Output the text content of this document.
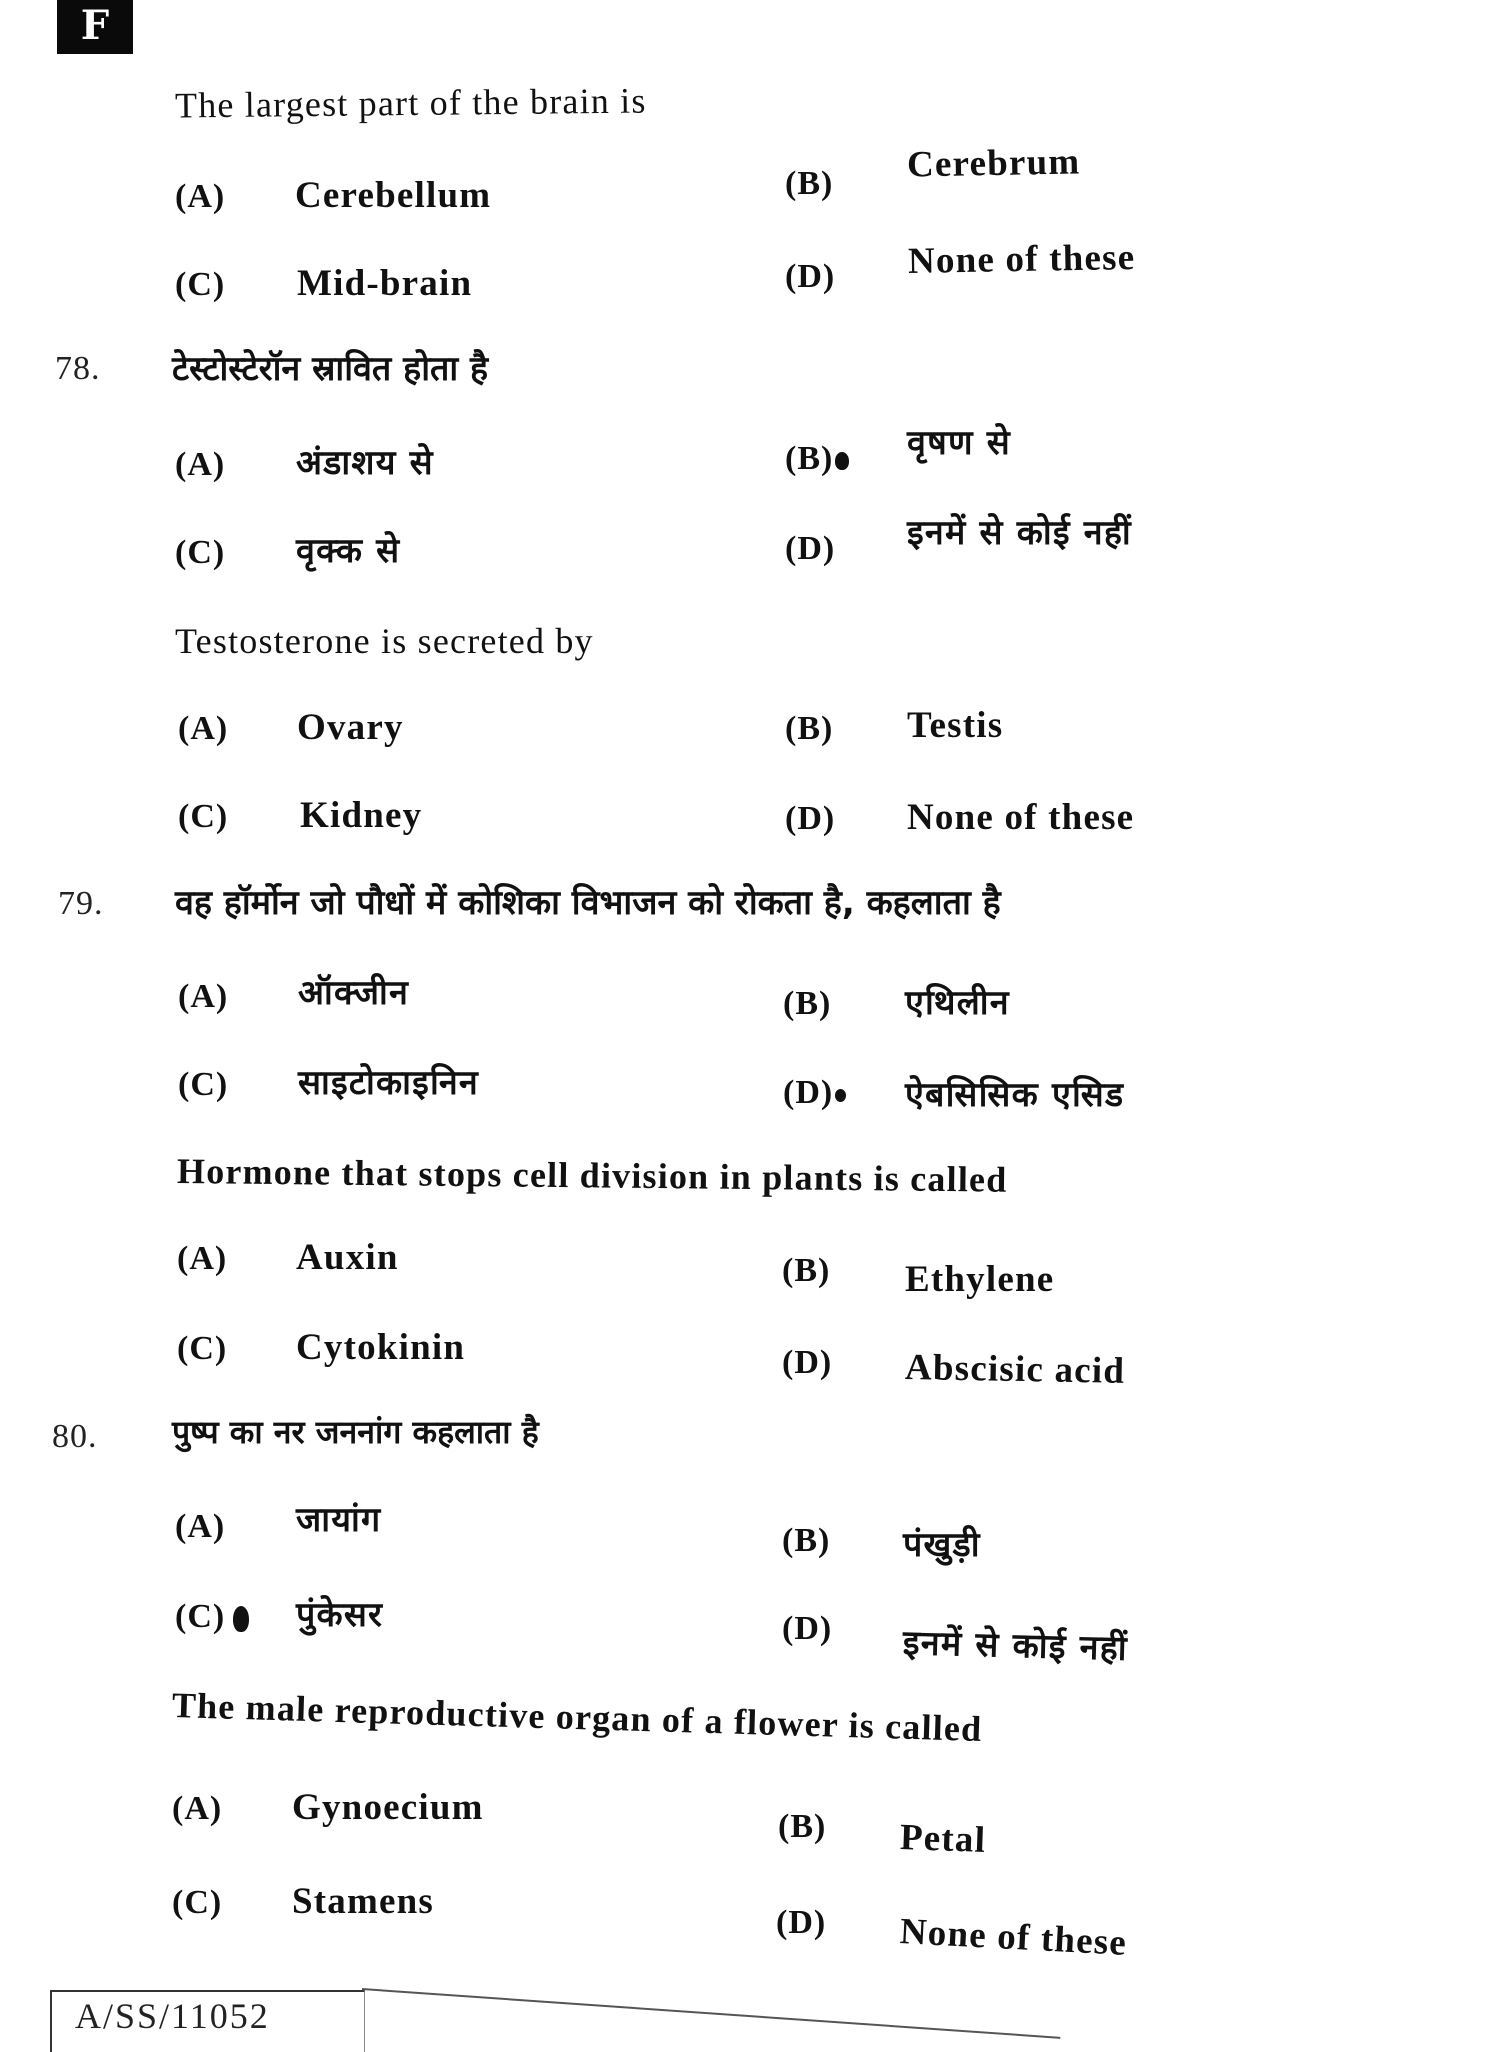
F
The largest part of the brain is
(A) Cerebellum	(B) Cerebrum
(C) Mid-brain	(D) None of these
78. टेस्टोस्टेरॉन स्रावित होता है
(A) अंडाशय से	(B)	वृषण से
(C) वृक्क से	(D) इनमें से कोई नहीं
Testosterone is secreted by
(A) Ovary	(B) Testis
(C) Kidney	(D) None of these
79. वह हॉर्मोन जो पौधों में कोशिका विभाजन को रोकता है, कहलाता है
(A) ऑक्जीन	(B) एथिलीन
(C) साइटोकाइनिन	(D)	ऐबसिसिक एसिड
Hormone that stops cell division in plants is called
(A) Auxin	(B) Ethylene
(C) Cytokinin	(D) Abscisic acid
80. पुष्प का नर जननांग कहलाता है
(A) जायांग
(B) पंखुड़ी
(C)	पुंकेसर	(D) इनमें से कोई नहीं
The male reproductive organ of a flower is called
(A) Gynoecium	(B) Petal
(C) Stamens
(D) None of these
A/SS/11052
